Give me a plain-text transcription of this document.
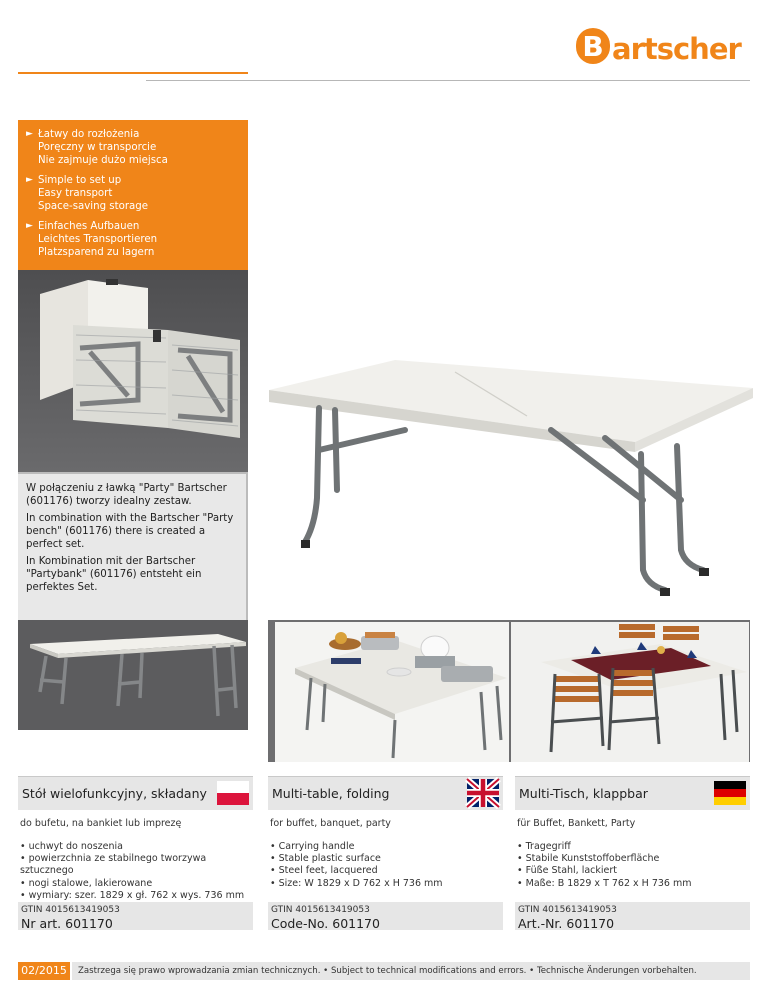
B artscher
► Łatwy do rozłożenia
Poręczny w transporcie
Nie zajmuje dużo miejsca
► Simple to set up
Easy transport
Space-saving storage
► Einfaches Aufbauen
Leichtes Transportieren
Platzsparend zu lagern

W połączeniu z ławką "Party" Bartscher (601176) tworzy idealny zestaw.

In combination with the Bartscher "Party bench" (601176) there is created a perfect set.

In Kombination mit der Bartscher "Partybank" (601176) entsteht ein perfektes Set.

Stół wielofunkcyjny, składany
do bufetu, na bankiet lub imprezę
• uchwyt do noszenia
• powierzchnia ze stabilnego tworzywa sztucznego
• nogi stalowe, lakierowane
• wymiary: szer. 1829 x gł. 762 x wys. 736 mm
GTIN 4015613419053
Nr art. 601170
Multi-table, folding
for buffet, banquet, party
• Carrying handle
• Stable plastic surface
• Steel feet, lacquered
• Size: W 1829 x D 762 x H 736 mm
GTIN 4015613419053
Code-No. 601170
Multi-Tisch, klappbar
für Buffet, Bankett, Party
• Tragegriff
• Stabile Kunststoffoberfläche
• Füße Stahl, lackiert
• Maße: B 1829 x T 762 x H 736 mm
GTIN 4015613419053
Art.-Nr. 601170
02/2015	Zastrzega się prawo wprowadzania zmian technicznych. • Subject to technical modifications and errors. • Technische Änderungen vorbehalten.
